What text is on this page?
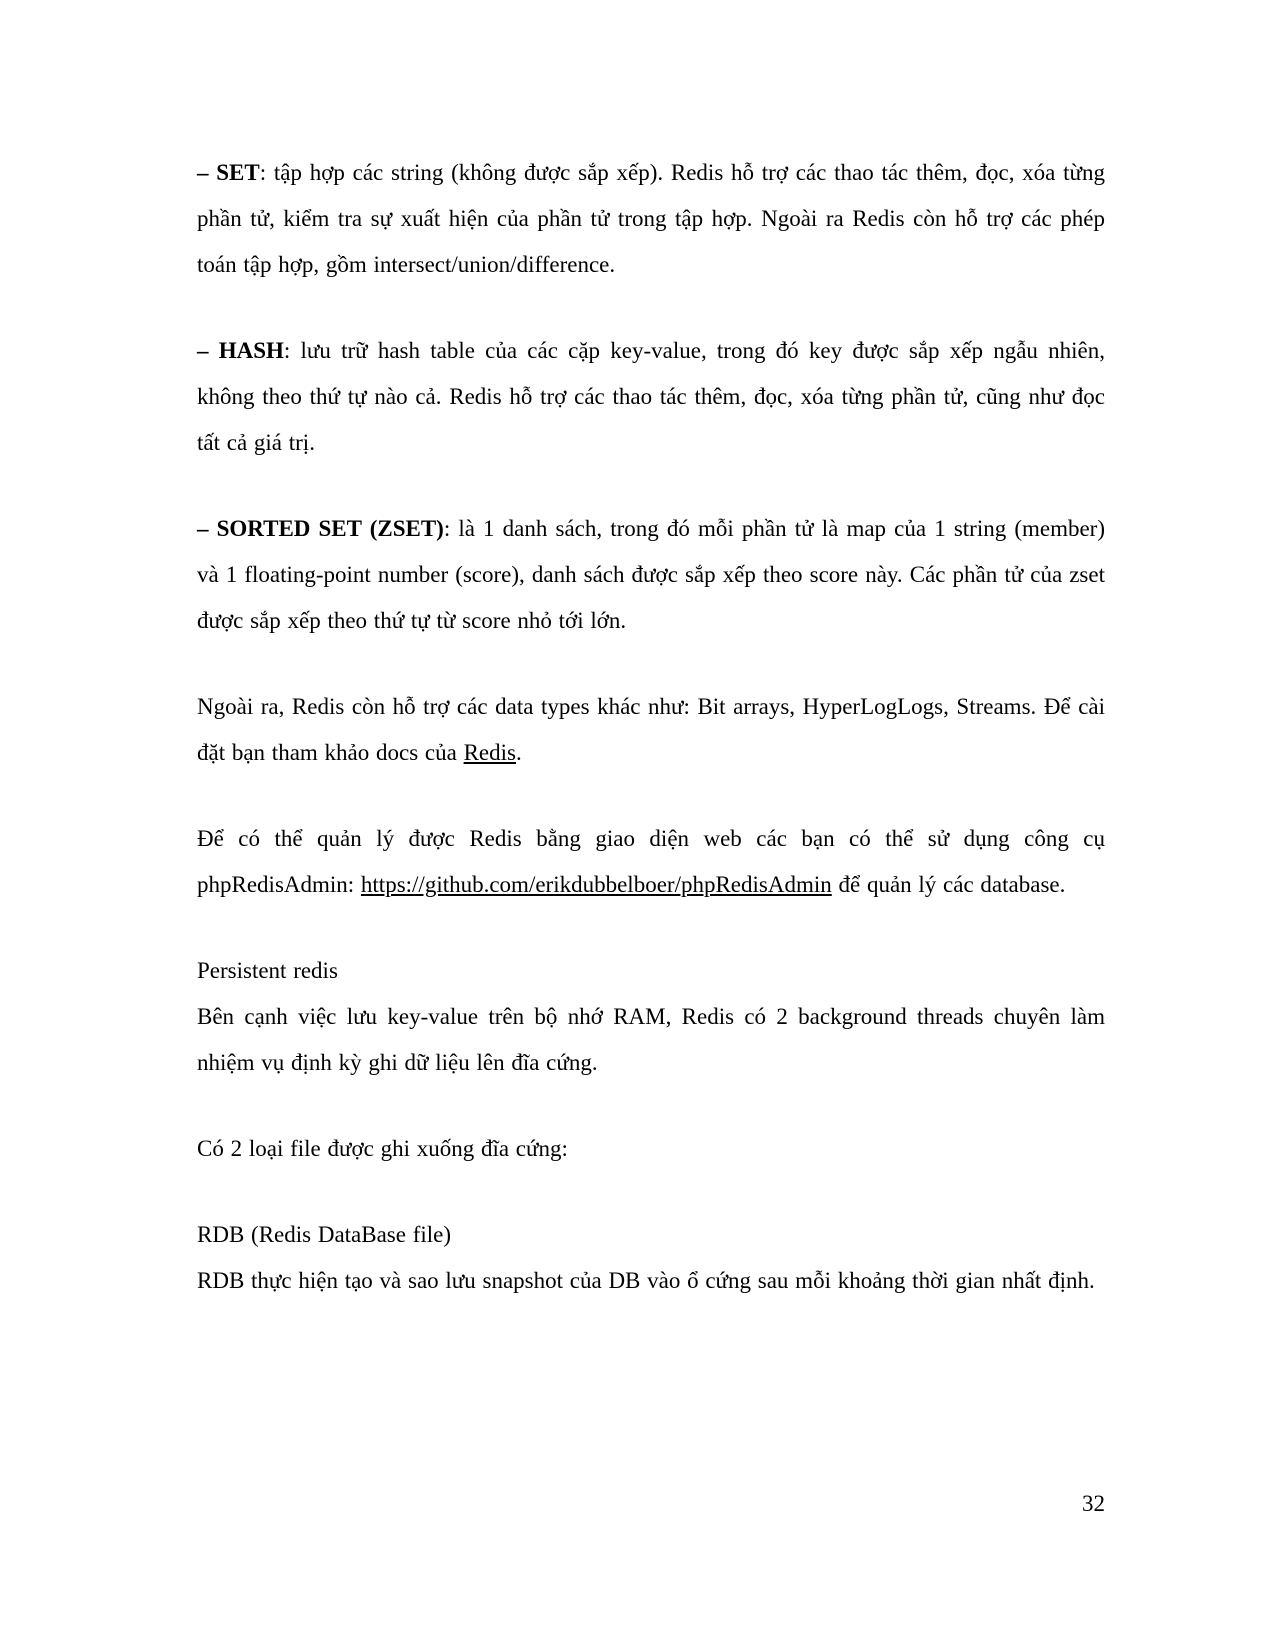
– SET: tập hợp các string (không được sắp xếp). Redis hỗ trợ các thao tác thêm, đọc, xóa từng phần tử, kiểm tra sự xuất hiện của phần tử trong tập hợp. Ngoài ra Redis còn hỗ trợ các phép toán tập hợp, gồm intersect/union/difference.

– HASH: lưu trữ hash table của các cặp key-value, trong đó key được sắp xếp ngẫu nhiên, không theo thứ tự nào cả. Redis hỗ trợ các thao tác thêm, đọc, xóa từng phần tử, cũng như đọc tất cả giá trị.

– SORTED SET (ZSET): là 1 danh sách, trong đó mỗi phần tử là map của 1 string (member) và 1 floating-point number (score), danh sách được sắp xếp theo score này. Các phần tử của zset được sắp xếp theo thứ tự từ score nhỏ tới lớn.

Ngoài ra, Redis còn hỗ trợ các data types khác như: Bit arrays, HyperLogLogs, Streams. Để cài đặt bạn tham khảo docs của Redis.

Để có thể quản lý được Redis bằng giao diện web các bạn có thể sử dụng công cụ phpRedisAdmin: https://github.com/erikdubbelboer/phpRedisAdmin để quản lý các database.

Persistent redis

Bên cạnh việc lưu key-value trên bộ nhớ RAM, Redis có 2 background threads chuyên làm nhiệm vụ định kỳ ghi dữ liệu lên đĩa cứng.

Có 2 loại file được ghi xuống đĩa cứng:

RDB (Redis DataBase file)

RDB thực hiện tạo và sao lưu snapshot của DB vào ổ cứng sau mỗi khoảng thời gian nhất định.

32
